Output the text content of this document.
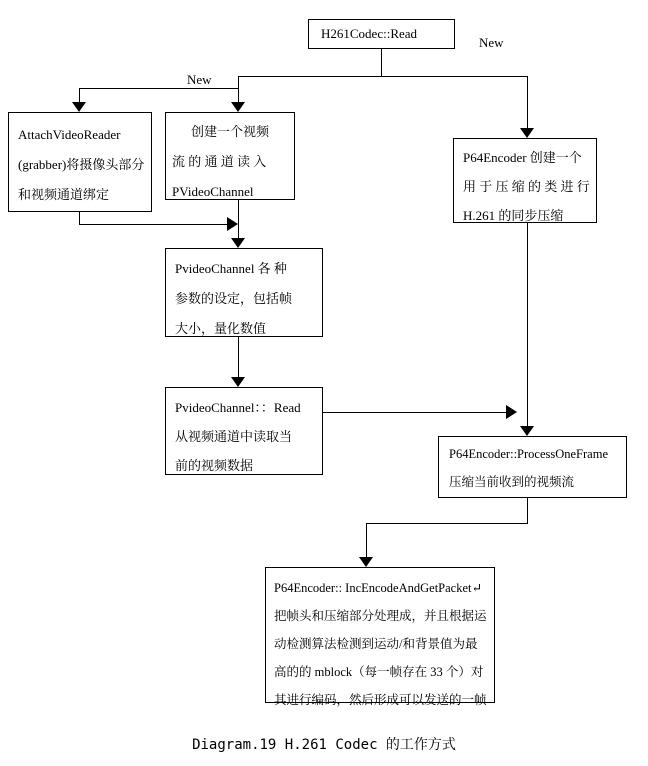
New
New
H261Codec::Read
AttachVideoReader
(grabber)将摄像头部分
和视频通道绑定
创建一个视频
流 的 通 道 读 入
PVideoChannel
P64Encoder 创建一个
用 于 压 缩 的 类 进 行
H.261 的同步压缩
PvideoChannel 各 种
参数的设定，包括帧
大小，量化数值
PvideoChannel：：Read
从视频通道中读取当
前的视频数据
P64Encoder::ProcessOneFrame
压缩当前收到的视频流
P64Encoder:: IncEncodeAndGetPacket↵
把帧头和压缩部分处理成，并且根据运
动检测算法检测到运动/和背景值为最
高的的 mblock（每一帧存在 33 个）对
其进行编码，然后形成可以发送的一帧
Diagram.19 H.261 Codec 的工作方式
